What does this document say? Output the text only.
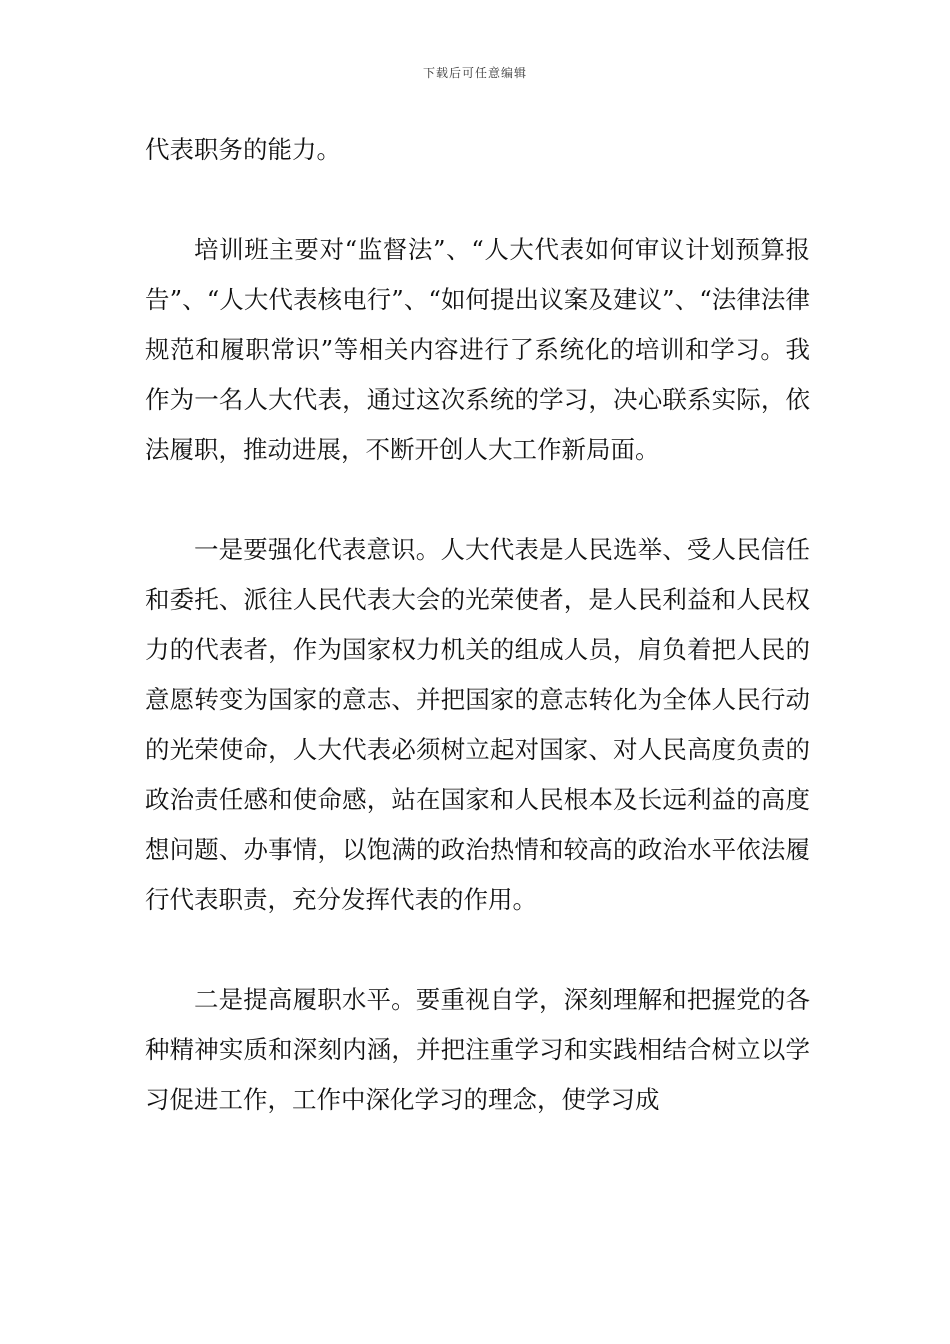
下载后可任意编辑

代表职务的能力。

培训班主要对“监督法”、“人大代表如何审议计划预算报告”、“人大代表核电行”、“如何提出议案及建议”、“法律法律规范和履职常识”等相关内容进行了系统化的培训和学习。我作为一名人大代表，通过这次系统的学习，决心联系实际，依法履职，推动进展，不断开创人大工作新局面。

一是要强化代表意识。人大代表是人民选举、受人民信任和委托、派往人民代表大会的光荣使者，是人民利益和人民权力的代表者，作为国家权力机关的组成人员，肩负着把人民的意愿转变为国家的意志、并把国家的意志转化为全体人民行动的光荣使命，人大代表必须树立起对国家、对人民高度负责的政治责任感和使命感，站在国家和人民根本及长远利益的高度想问题、办事情，以饱满的政治热情和较高的政治水平依法履行代表职责，充分发挥代表的作用。

二是提高履职水平。要重视自学，深刻理解和把握党的各种精神实质和深刻内涵，并把注重学习和实践相结合树立以学习促进工作，工作中深化学习的理念，使学习成
